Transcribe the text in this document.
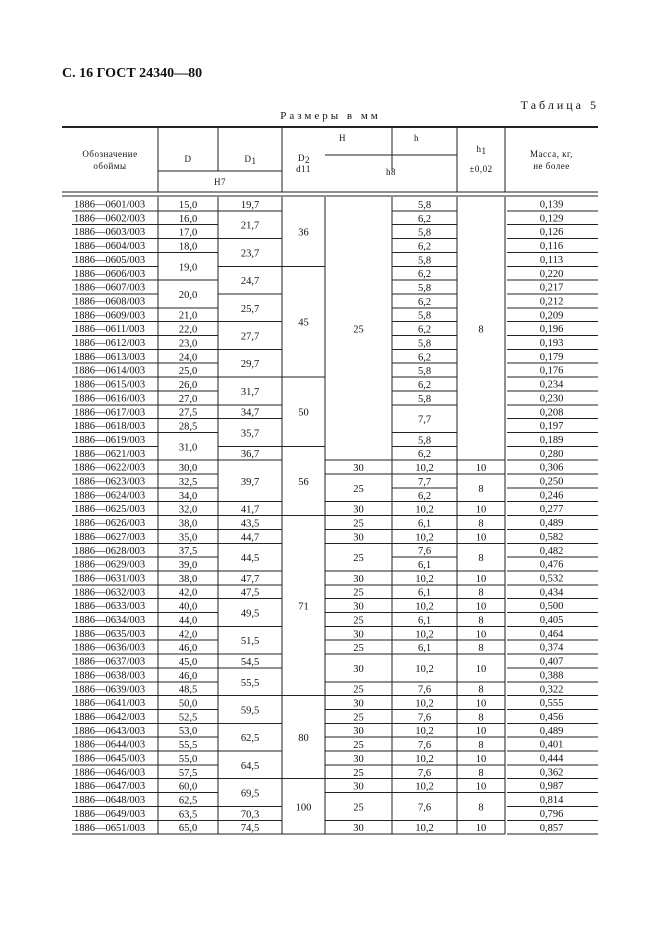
С. 16 ГОСТ 24340—80
Таблица 5
Размеры в мм
Обозначение
обоймы
D	D 1
Н7
D 2
d11
H	h
h8
h 1
±0,02
Масса, кг,
не более
1886—0601/003
1886—0602/003
1886—0603/003
1886—0604/003
1886—0605/003
1886—0606/003
1886—0607/003
1886—0608/003
1886—0609/003
1886—0611/003
1886—0612/003
1886—0613/003
1886—0614/003
1886—0615/003
1886—0616/003
1886—0617/003
1886—0618/003
1886—0619/003
1886—0621/003
1886—0622/003
1886—0623/003
1886—0624/003
1886—0625/003
1886—0626/003
1886—0627/003
1886—0628/003
1886—0629/003
1886—0631/003
1886—0632/003
1886—0633/003
1886—0634/003
1886—0635/003
1886—0636/003
1886—0637/003
1886—0638/003
1886—0639/003
1886—0641/003
1886—0642/003
1886—0643/003
1886—0644/003
1886—0645/003
1886—0646/003
1886—0647/003
1886—0648/003
1886—0649/003
1886—0651/003
0,139
0,129
0,126
0,116
0,113
0,220
0,217
0,212
0,209
0,196
0,193
0,179
0,176
0,234
0,230
0,208
0,197
0,189
0,280
0,306
0,250
0,246
0,277
0,489
0,582
0,482
0,476
0,532
0,434
0,500
0,405
0,464
0,374
0,407
0,388
0,322
0,555
0,456
0,489
0,401
0,444
0,362
0,987
0,814
0,796
0,857
15,0
16,0
17,0
18,0
19,0
20,0
21,0
22,0
23,0
24,0
25,0
26,0
27,0
27,5
28,5
31,0
30,0
32,5
34,0
32,0
38,0
35,0
37,5
39,0
38,0
42,0
40,0
44,0
42,0
46,0
45,0
46,0
48,5
50,0
52,5
53,0
55,5
55,0
57,5
60,0
62,5
63,5
65,0
19,7
21,7
23,7
24,7
25,7
27,7
29,7
31,7
34,7
35,7
36,7
39,7
41,7
43,5
44,7
44,5
47,7
47,5
49,5
51,5
54,5
55,5
59,5
62,5
64,5
69,5
70,3
74,5
36
45
50
56
71
80
100
25
30
25
30
25
30
25
30
25
30
25
30
25
30
25
30
25
30
25
30
25
30
25
30
5,8
6,2
5,8
6,2
5,8
6,2
5,8
6,2
5,8
6,2
5,8
6,2
5,8
6,2
5,8
7,7
5,8
6,2
10,2
7,7
6,2
10,2
6,1
10,2
7,6
6,1
10,2
6,1
10,2
6,1
10,2
6,1
10,2
7,6
10,2
7,6
10,2
7,6
10,2
7,6
10,2
7,6
10,2
8
10
8
10
8
10
8
10
8
10
8
10
8
10
8
10
8
10
8
10
8
10
8
10
